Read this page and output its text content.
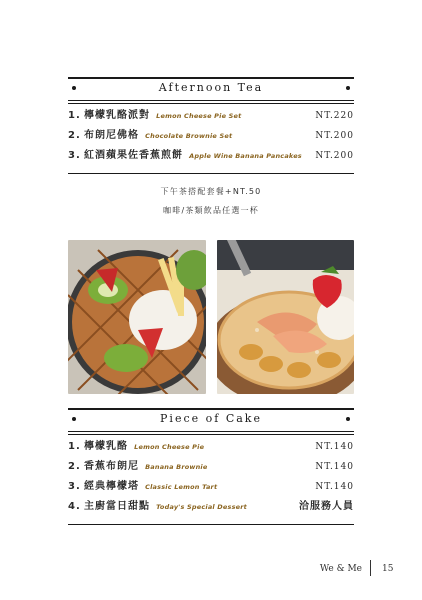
Afternoon Tea
1. 檸檬乳酪派對 Lemon Cheese Pie Set	NT.220
2. 布朗尼佛格 Chocolate Brownie Set	NT.200
3. 紅酒蘋果佐香蕉煎餅 Apple Wine Banana Pancakes NT.200
下午茶搭配套餐+NT.50
咖啡/茶類飲品任選一杯
Piece of Cake
1. 檸檬乳酪 Lemon Cheese Pie	NT.140
2. 香蕉布朗尼 Banana Brownie	NT.140
3. 經典檸檬塔 Classic Lemon Tart	NT.140
4. 主廚當日甜點 Today's Special Dessert	洽服務人員
We & Me 15
